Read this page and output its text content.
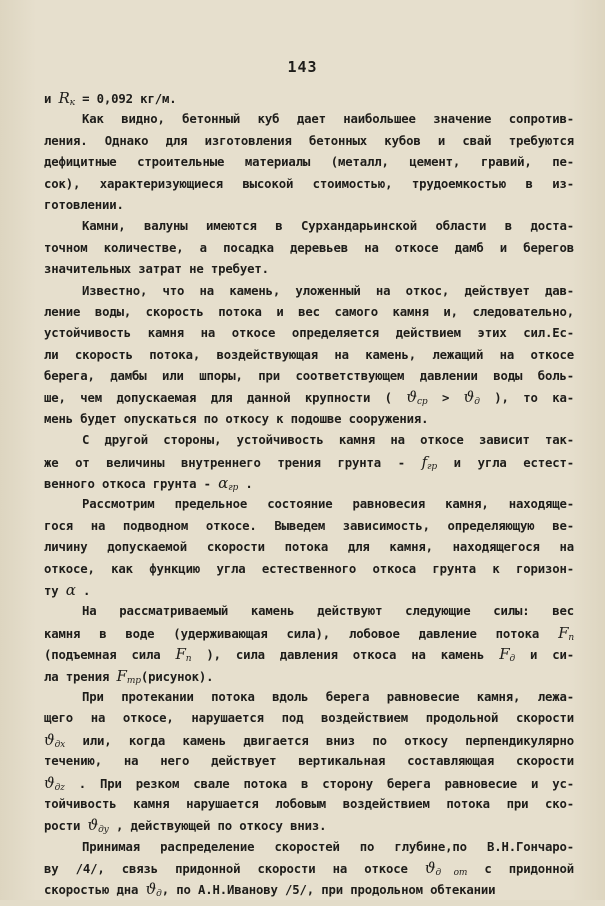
143
и $R_к = 0,092$ кг/м.
Как видно, бетонный куб дает наибольшее значение сопротив-
ления. Однако для изготовления бетонных кубов и свай требуются
дефицитные строительные материалы (металл, цемент, гравий, пе-
сок), характеризующиеся высокой стоимостью, трудоемкостью в из-
готовлении.
Камни, валуны имеются в Сурхандарьинской области в доста-
точном количестве, а посадка деревьев на откосе дамб и берегов
значительных затрат не требует.
Известно, что на камень, уложенный на откос, действует дав-
ление воды, скорость потока и вес самого камня и, следовательно,
устойчивость камня на откосе определяется действием этих сил.Ес-
ли скорость потока, воздействующая на камень, лежащий на откосе
берега, дамбы или шпоры, при соответствующем давлении воды боль-
ше, чем допускаемая для данной крупности ( $ϑ_{ср} > ϑ_д$ ), то ка-
мень будет опускаться по откосу к подошве сооружения.
С другой стороны, устойчивость камня на откосе зависит так-
же от величины внутреннего трения грунта - $f_{гр}$ и угла естест-
венного откоса грунта - $\alpha_{гр}$ .
Рассмотрим предельное состояние равновесия камня, находяще-
гося на подводном откосе. Выведем зависимость, определяющую ве-
личину допускаемой скорости потока для камня, находящегося на
откосе, как функцию угла естественного откоса грунта к горизон-
ту α .
На рассматриваемый камень действуют следующие силы: вес
камня в воде (удерживающая сила), лобовое давление потока $F_п$
(подъемная сила $F_п$ ), сила давления откоса на камень $F_д$ и си-
ла трения $F_{тр}(рисунок)$.
При протекании потока вдоль берега равновесие камня, лежа-
щего на откосе, нарушается под воздействием продольной скорости
$ϑ_{дх}$ или, когда камень двигается вниз по откосу перпендикулярно
течению, на него действует вертикальная составляющая скорости
$ϑ_{дz}$ . При резком свале потока в сторону берега равновесие и ус-
тойчивость камня нарушается лобовым воздействием потока при ско-
рости $ϑ_{ду}$ , действующей по откосу вниз.
Принимая распределение скоростей по глубине,по В.Н.Гончаро-
ву /4/, связь придонной скорости на откосе $ϑ_{д от}$ с придонной
скоростью дна $ϑ_д$, по А.Н.Иванову /5/, при продольном обтекании
